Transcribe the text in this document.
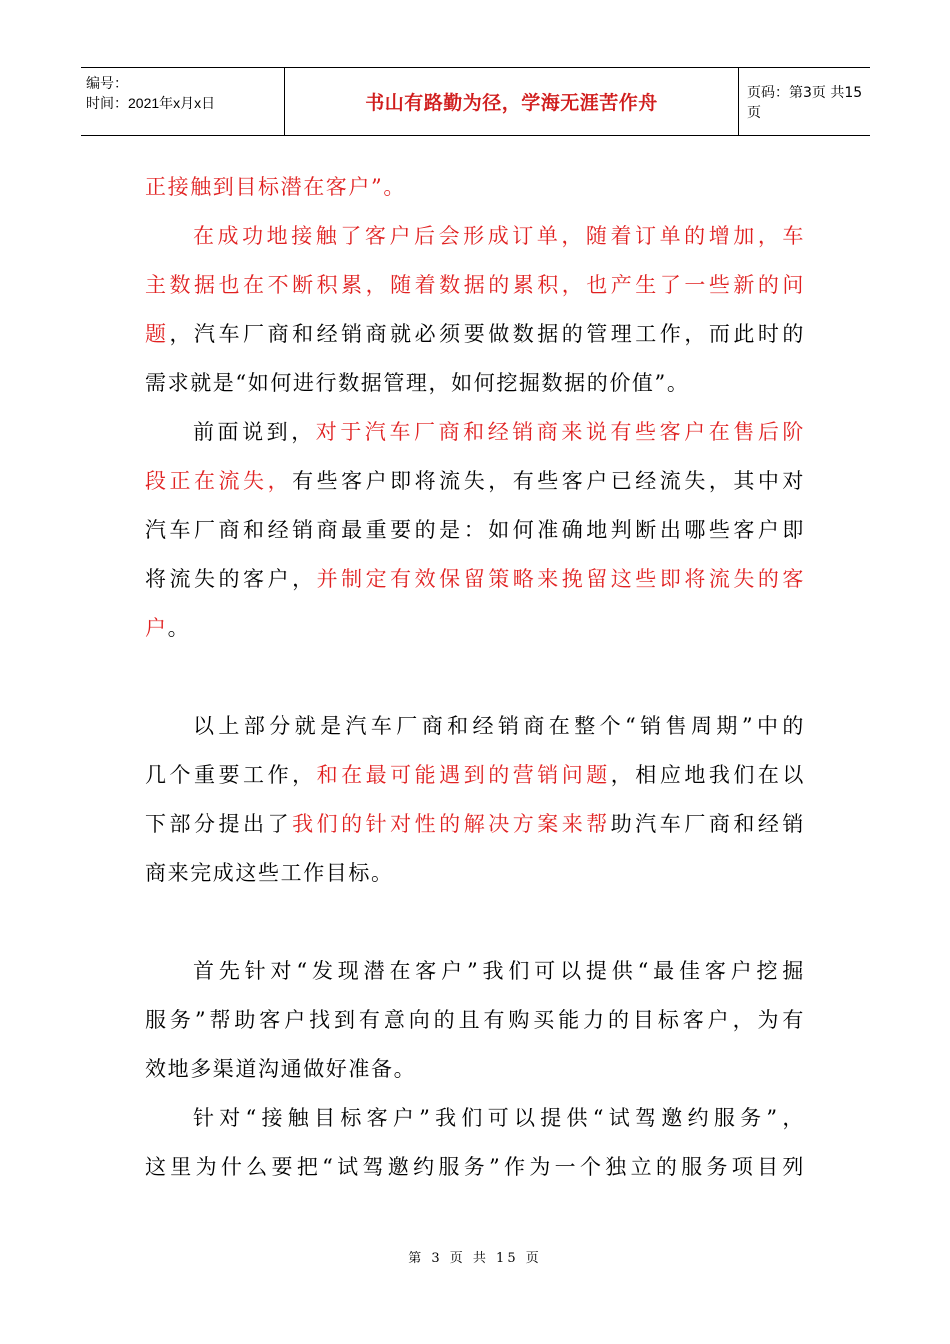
编号：
时间：2021年x月x日	书山有路勤为径，学海无涯苦作舟	页码：第3页 共15页
正接触到目标潜在客户”。
在成功地接触了客户后会形成订单，随着订单的增加，车
主数据也在不断积累，随着数据的累积，也产生了一些新的问
题，汽车厂商和经销商就必须要做数据的管理工作，而此时的
需求就是“如何进行数据管理，如何挖掘数据的价值”。
前面说到，对于汽车厂商和经销商来说有些客户在售后阶
段正在流失，有些客户即将流失，有些客户已经流失，其中对
汽车厂商和经销商最重要的是：如何准确地判断出哪些客户即
将流失的客户，并制定有效保留策略来挽留这些即将流失的客
户。
以上部分就是汽车厂商和经销商在整个“销售周期”中的
几个重要工作，和在最可能遇到的营销问题，相应地我们在以
下部分提出了我们的针对性的解决方案来帮助汽车厂商和经销
商来完成这些工作目标。
首先针对“发现潜在客户”我们可以提供“最佳客户挖掘
服务”帮助客户找到有意向的且有购买能力的目标客户，为有
效地多渠道沟通做好准备。
针对“接触目标客户”我们可以提供“试驾邀约服务”，
这里为什么要把“试驾邀约服务”作为一个独立的服务项目列
第 3 页 共 15 页
